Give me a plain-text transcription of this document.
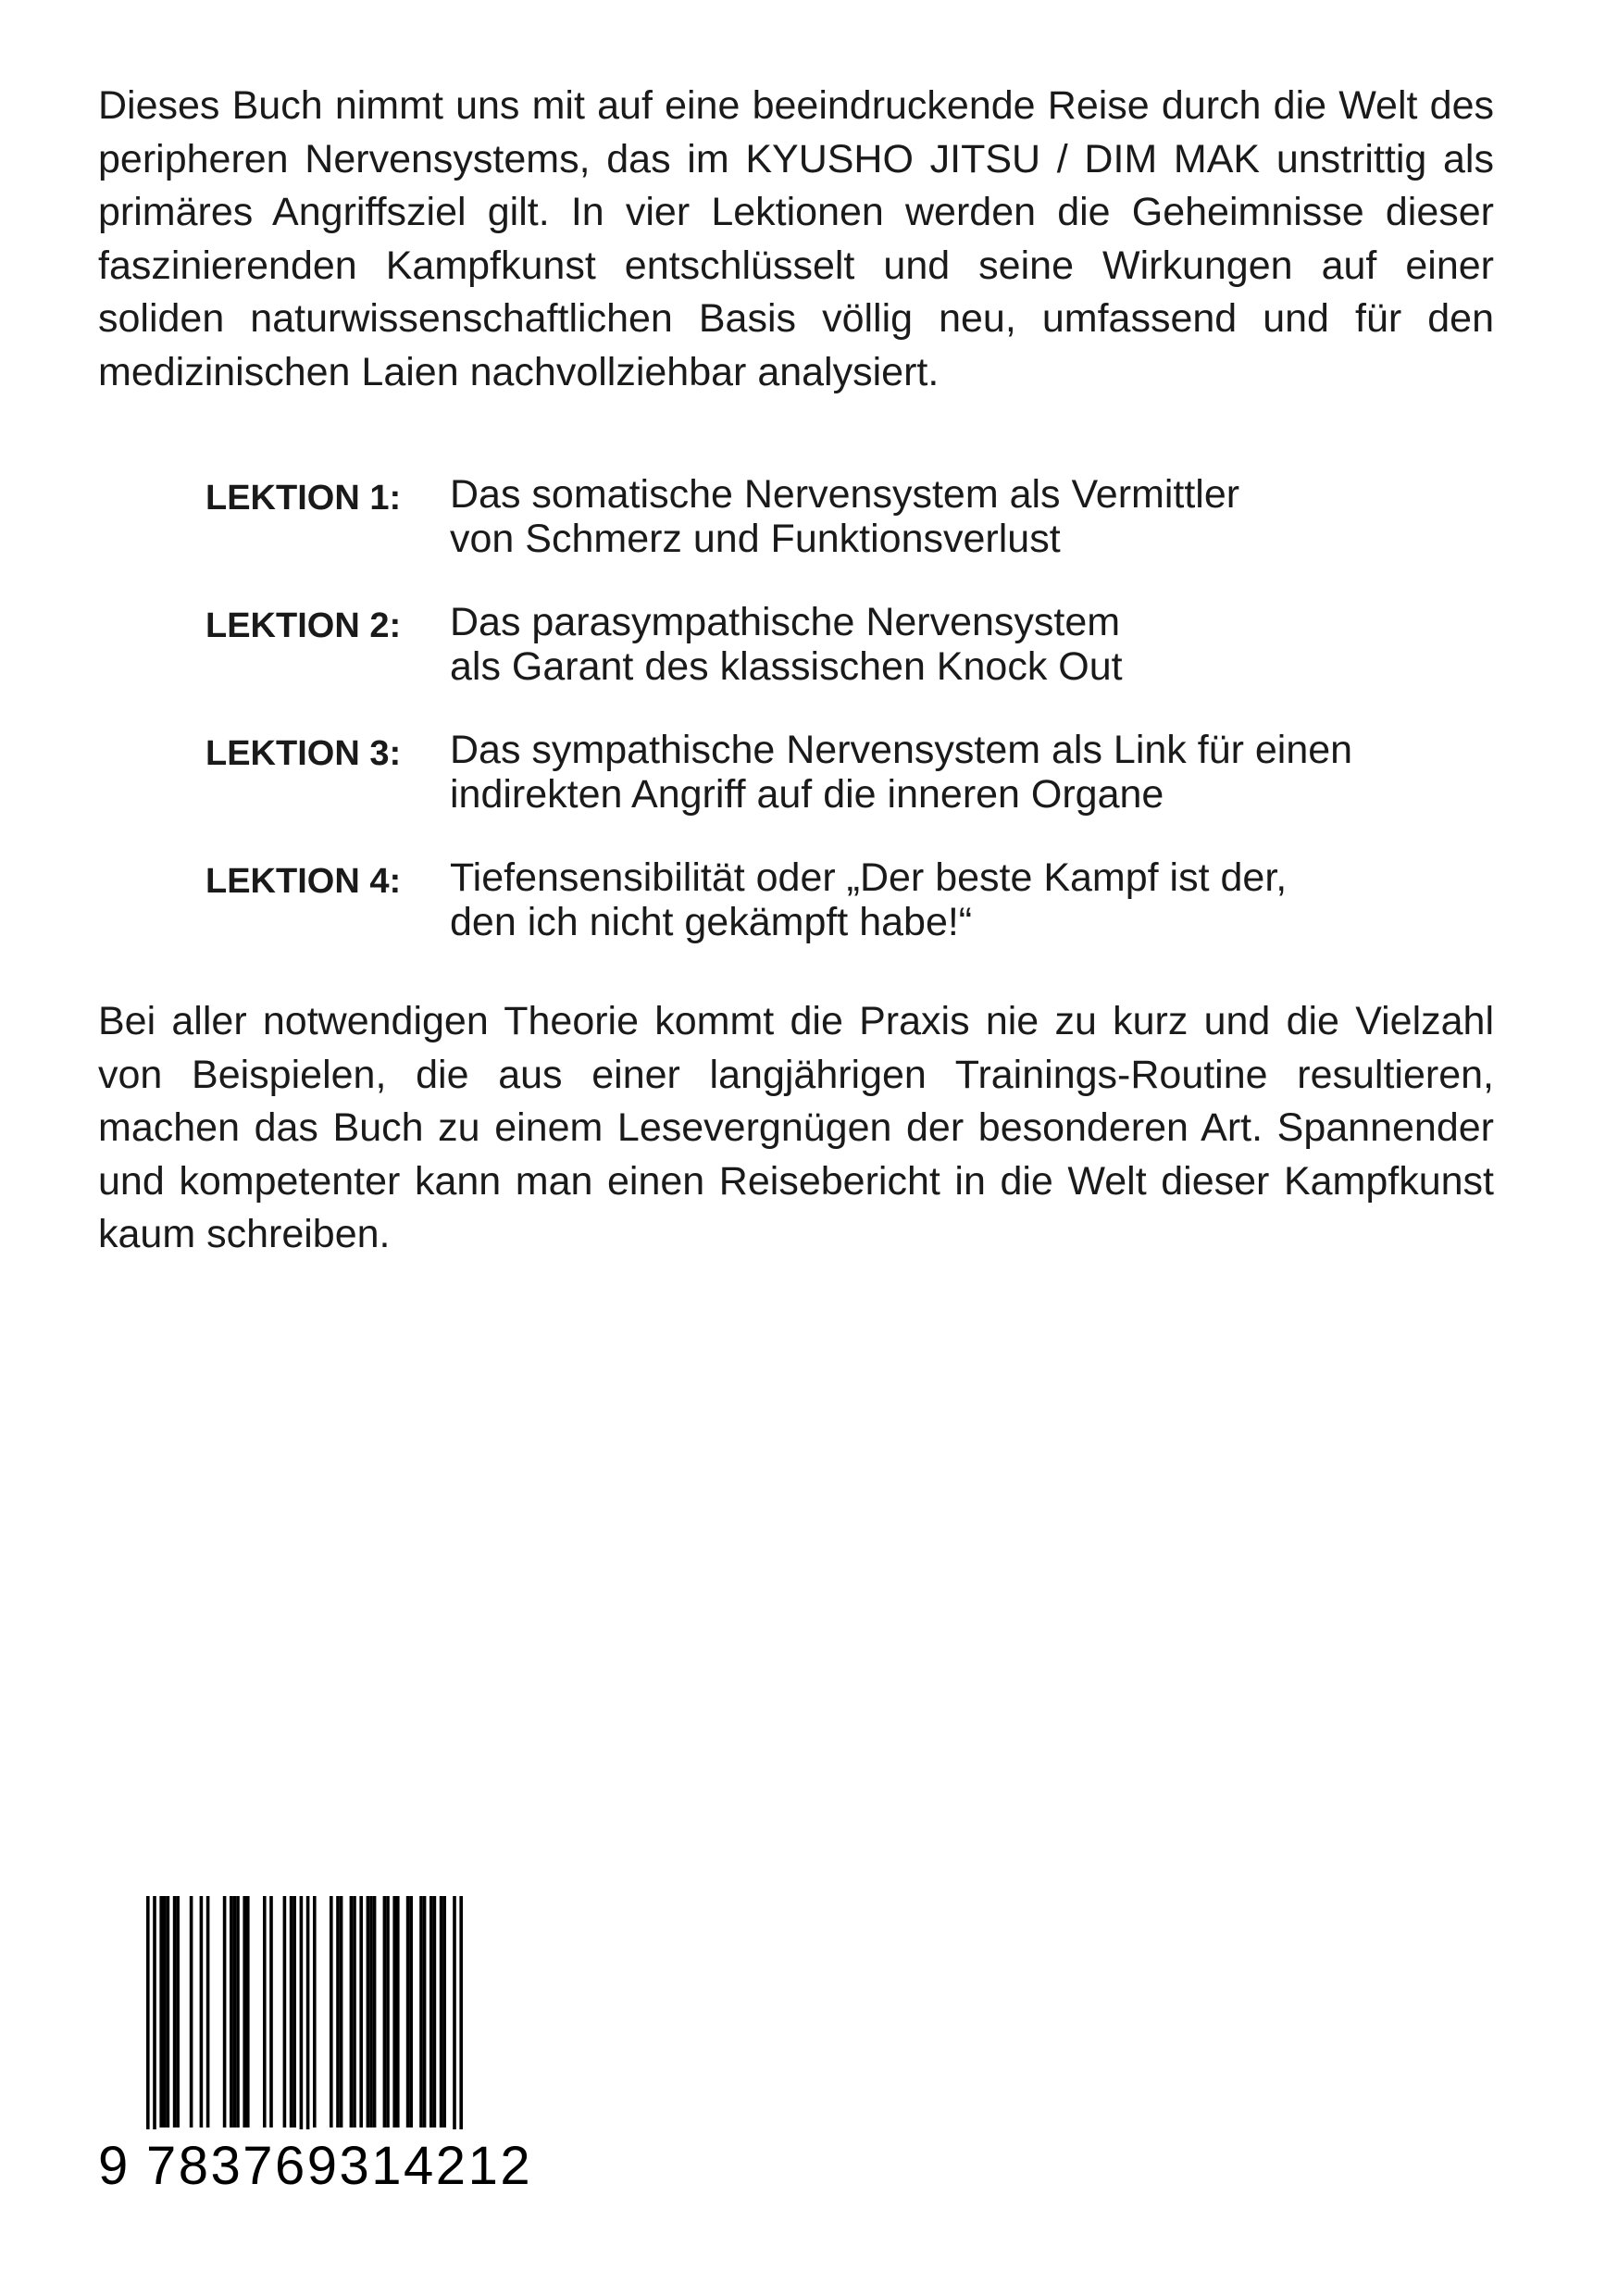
Dieses Buch nimmt uns mit auf eine beeindruckende Reise durch die Welt des peripheren Nervensystems, das im KYUSHO JITSU / DIM MAK unstrittig als primäres Angriffsziel gilt. In vier Lektionen werden die Geheimnisse dieser faszinierenden Kampfkunst entschlüsselt und seine Wirkungen auf einer soliden naturwissenschaftlichen Basis völlig neu, umfassend und für den medizinischen Laien nachvollziehbar analysiert.

LEKTION 1:	Das somatische Nervensystem als Vermittler
von Schmerz und Funktionsverlust
LEKTION 2:	Das parasympathische Nervensystem
als Garant des klassischen Knock Out
LEKTION 3:	Das sympathische Nervensystem als Link für einen
indirekten Angriff auf die inneren Organe
LEKTION 4:	Tiefensensibilität oder „Der beste Kampf ist der,
den ich nicht gekämpft habe!“

Bei aller notwendigen Theorie kommt die Praxis nie zu kurz und die Vielzahl von Beispielen, die aus einer langjährigen Trainings-Routine resultieren, machen das Buch zu einem Lesevergnügen der besonderen Art. Spannender und kompetenter kann man einen Reisebericht in die Welt dieser Kampfkunst kaum schreiben.

9 783769314212
